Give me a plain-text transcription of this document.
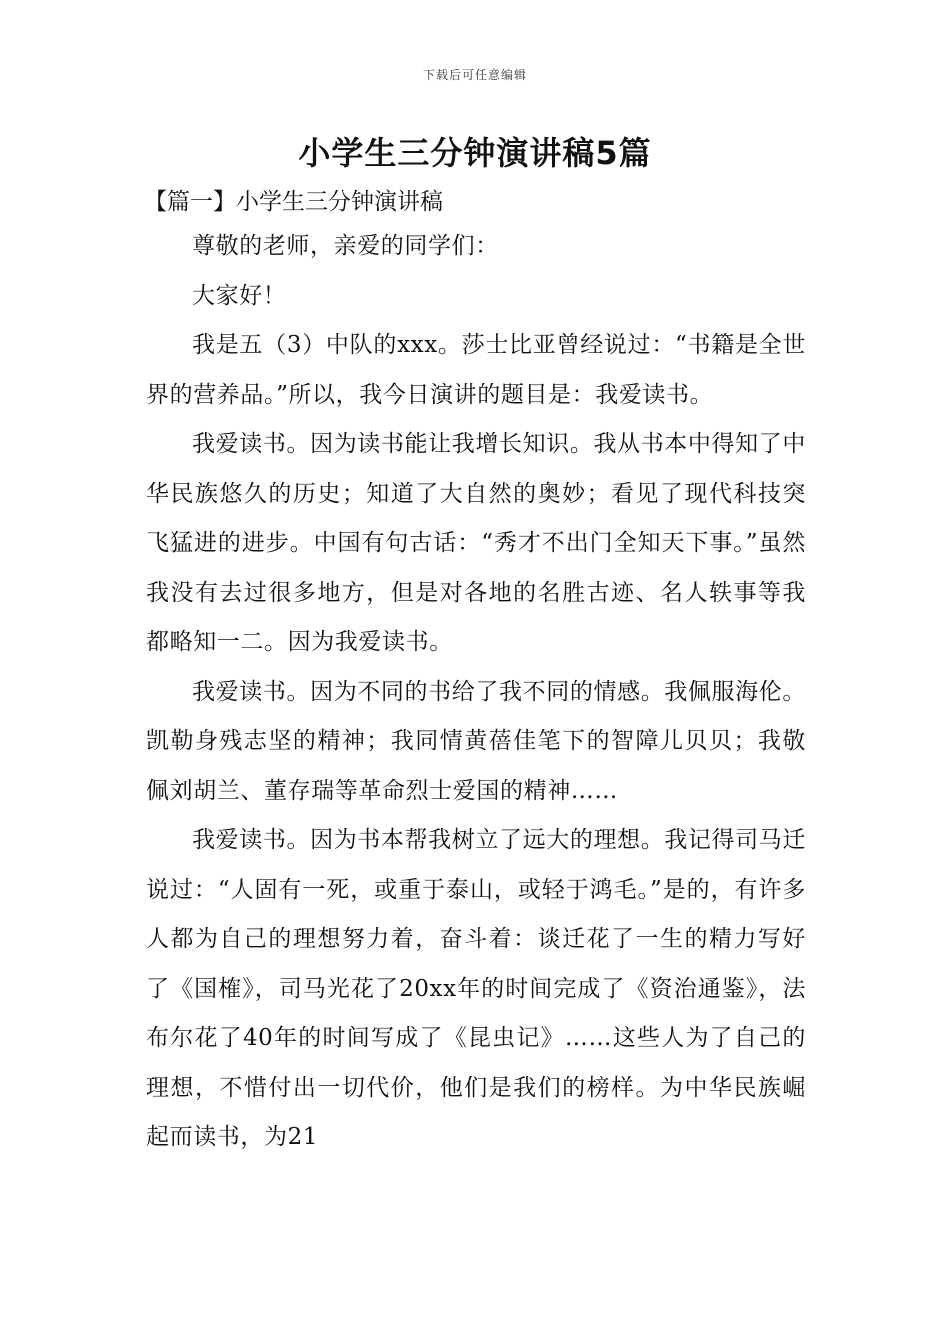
下载后可任意编辑
小学生三分钟演讲稿5篇
【篇一】小学生三分钟演讲稿

尊敬的老师，亲爱的同学们：

大家好！

我是五（3）中队的xxx。莎士比亚曾经说过：“书籍是全世界的营养品。”所以，我今日演讲的题目是：我爱读书。

我爱读书。因为读书能让我增长知识。我从书本中得知了中华民族悠久的历史；知道了大自然的奥妙；看见了现代科技突飞猛进的进步。中国有句古话：“秀才不出门全知天下事。”虽然我没有去过很多地方，但是对各地的名胜古迹、名人轶事等我都略知一二。因为我爱读书。

我爱读书。因为不同的书给了我不同的情感。我佩服海伦。凯勒身残志坚的精神；我同情黄蓓佳笔下的智障儿贝贝；我敬佩刘胡兰、董存瑞等革命烈士爱国的精神……

我爱读书。因为书本帮我树立了远大的理想。我记得司马迁说过：“人固有一死，或重于泰山，或轻于鸿毛。”是的，有许多人都为自己的理想努力着，奋斗着：谈迁花了一生的精力写好了《国榷》，司马光花了20xx年的时间完成了《资治通鉴》，法布尔花了40年的时间写成了《昆虫记》……这些人为了自己的理想，不惜付出一切代价，他们是我们的榜样。为中华民族崛起而读书，为21
